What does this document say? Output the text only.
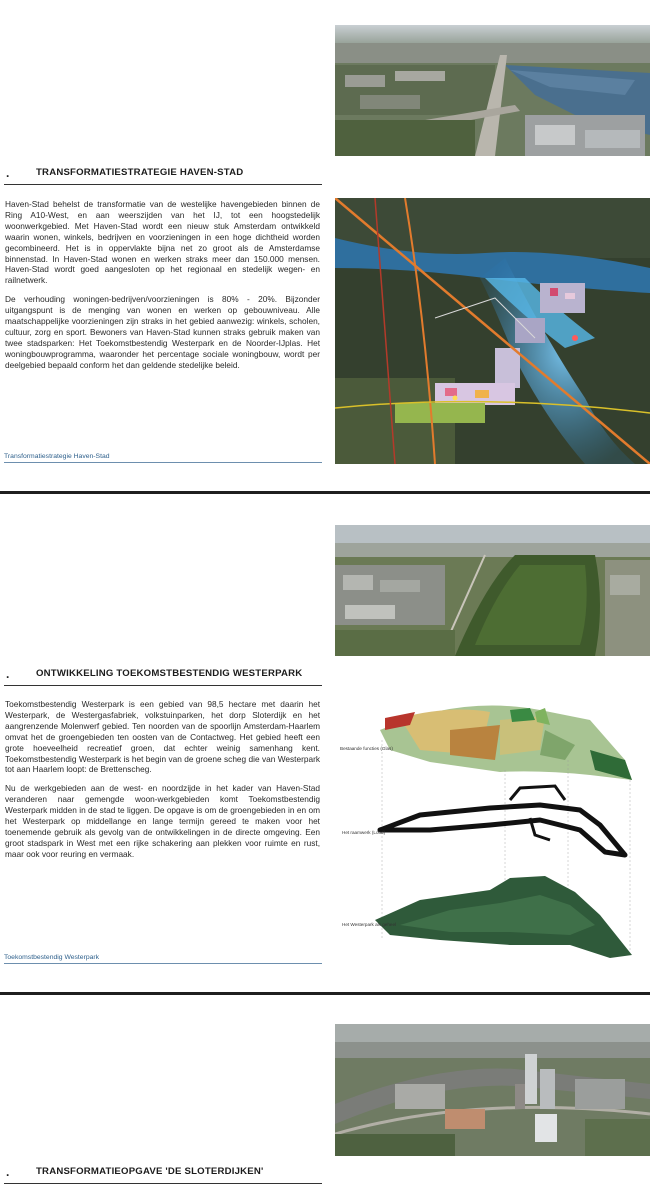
.	TRANSFORMATIESTRATEGIE HAVEN-STAD

Haven-Stad behelst de transformatie van de westelijke havengebieden binnen de Ring A10-West, en aan weerszijden van het IJ, tot een hoogstedelijk woonwerkgebied. Met Haven-Stad wordt een nieuw stuk Amsterdam ontwikkeld waarin wonen, winkels, bedrijven en voorzieningen in een hoge dichtheid worden gecombineerd. Het is in oppervlakte bijna net zo groot als de Amsterdamse binnenstad. In Haven-Stad wonen en werken straks meer dan 150.000 mensen. Haven-Stad wordt goed aangesloten op het regionaal en stedelijk wegen- en railnetwerk.

De verhouding woningen-bedrijven/voorzieningen is 80% - 20%. Bijzonder uitgangspunt is de menging van wonen en werken op gebouwniveau. Alle maatschappelijke voorzieningen zijn straks in het gebied aanwezig: winkels, scholen, cultuur, zorg en sport. Bewoners van Haven-Stad kunnen straks gebruik maken van twee stadsparken: Het Toekomstbestendig Westerpark en de Noorder-IJplas. Het woningbouwprogramma, waaronder het percentage sociale woningbouw, wordt per deelgebied bepaald conform het dan geldende stedelijke beleid.

Transformatiestrategie Haven-Stad
.	ONTWIKKELING TOEKOMSTBESTENDIG WESTERPARK

Toekomstbestendig Westerpark is een gebied van 98,5 hectare met daarin het Westerpark, de Westergasfabriek, volkstuinparken, het dorp Sloterdijk en het aangrenzende Molenwerf gebied. Ten noorden van de spoorlijn Amsterdam-Haarlem omvat het de groengebieden ten oosten van de Contactweg. Het gebied heeft een grote hoeveelheid recreatief groen, dat echter weinig samenhang kent. Toekomstbestendig Westerpark is het begin van de groene scheg die van Westerpark tot aan Haarlem loopt: de Brettenscheg.

Nu de werkgebieden aan de west- en noordzijde in het kader van Haven-Stad veranderen naar gemengde woon-werkgebieden komt Toekomstbestendig Westerpark midden in de stad te liggen. De opgave is om de groengebieden in en om het Westerpark op middellange en lange termijn gereed te maken voor het toenemende gebruik als gevolg van de ontwikkelingen in de directe omgeving. Een groot stadspark in West met een rijke schakering aan plekken voor ruimte en rust, maar ook voor reuring en vermaak.

Toekomstbestendig Westerpark
Bestaande functies (Glas)
Het raamwerk (Lood)
Het Westerpark als geheel
.	TRANSFORMATIEOPGAVE 'DE SLOTERDIJKEN'
